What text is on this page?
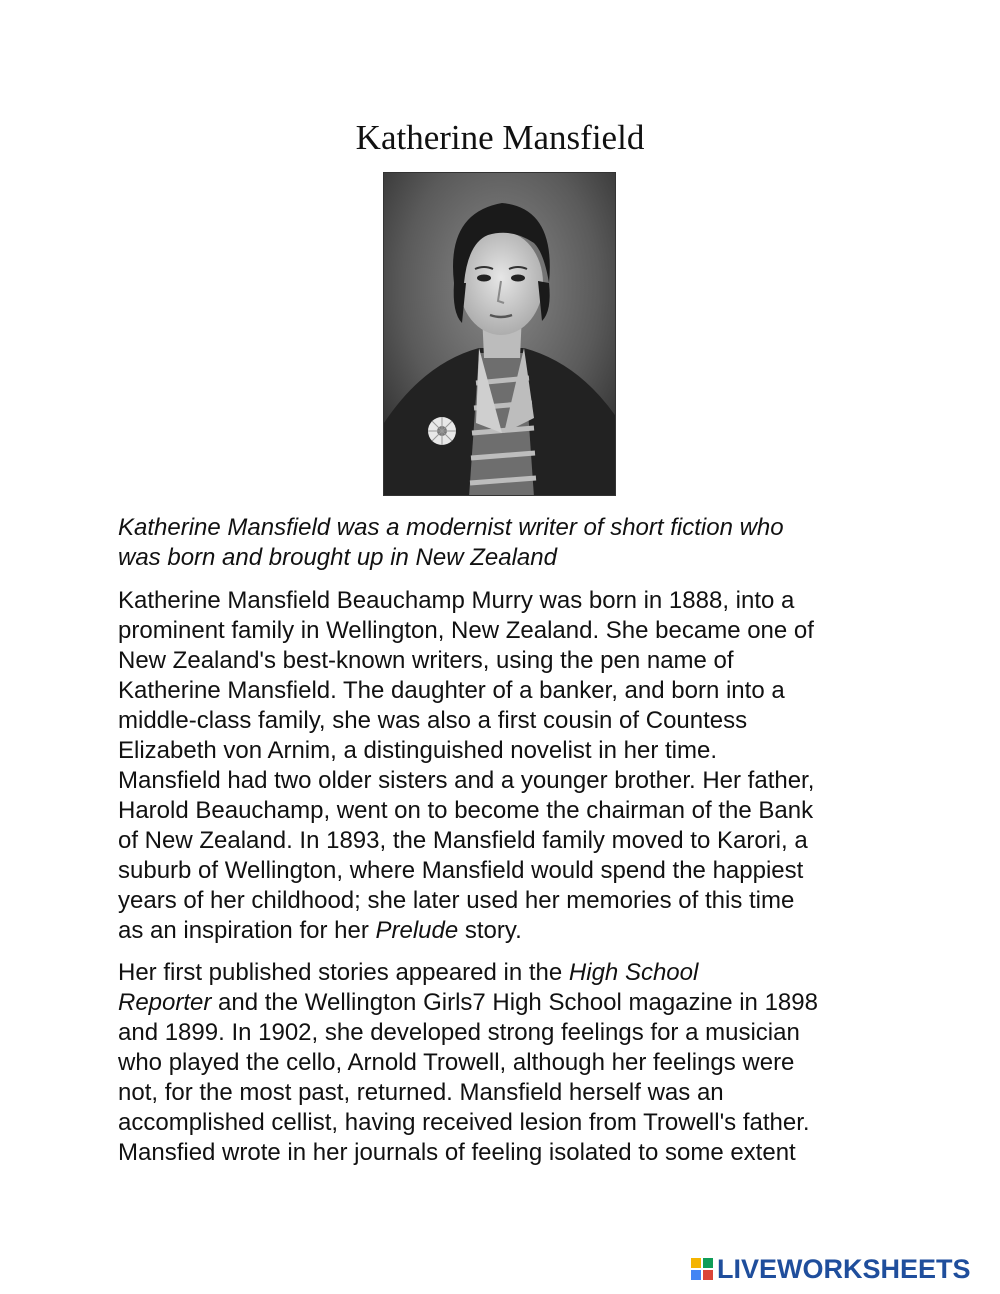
Katherine Mansfield
Katherine Mansfield was a modernist writer of short fiction who
was born and brought up in New Zealand
Katherine Mansfield Beauchamp Murry was born in 1888, into a
prominent family in Wellington, New Zealand. She became one of
New Zealand's best-known writers, using the pen name of
Katherine Mansfield. The daughter of a banker, and born into a
middle-class family, she was also a first cousin of Countess
Elizabeth von Arnim, a distinguished novelist in her time.
Mansfield had two older sisters and a younger brother. Her father,
Harold Beauchamp, went on to become the chairman of the Bank
of New Zealand. In 1893, the Mansfield family moved to Karori, a
suburb of Wellington, where Mansfield would spend the happiest
years of her childhood; she later used her memories of this time
as an inspiration for her Prelude story.
Her first published stories appeared in the High School
Reporter and the Wellington Girls7 High School magazine in 1898
and 1899. In 1902, she developed strong feelings for a musician
who played the cello, Arnold Trowell, although her feelings were
not, for the most past, returned. Mansfield herself was an
accomplished cellist, having received lesion from Trowell's father.
Mansfied wrote in her journals of feeling isolated to some extent
LIVEWORKSHEETS
